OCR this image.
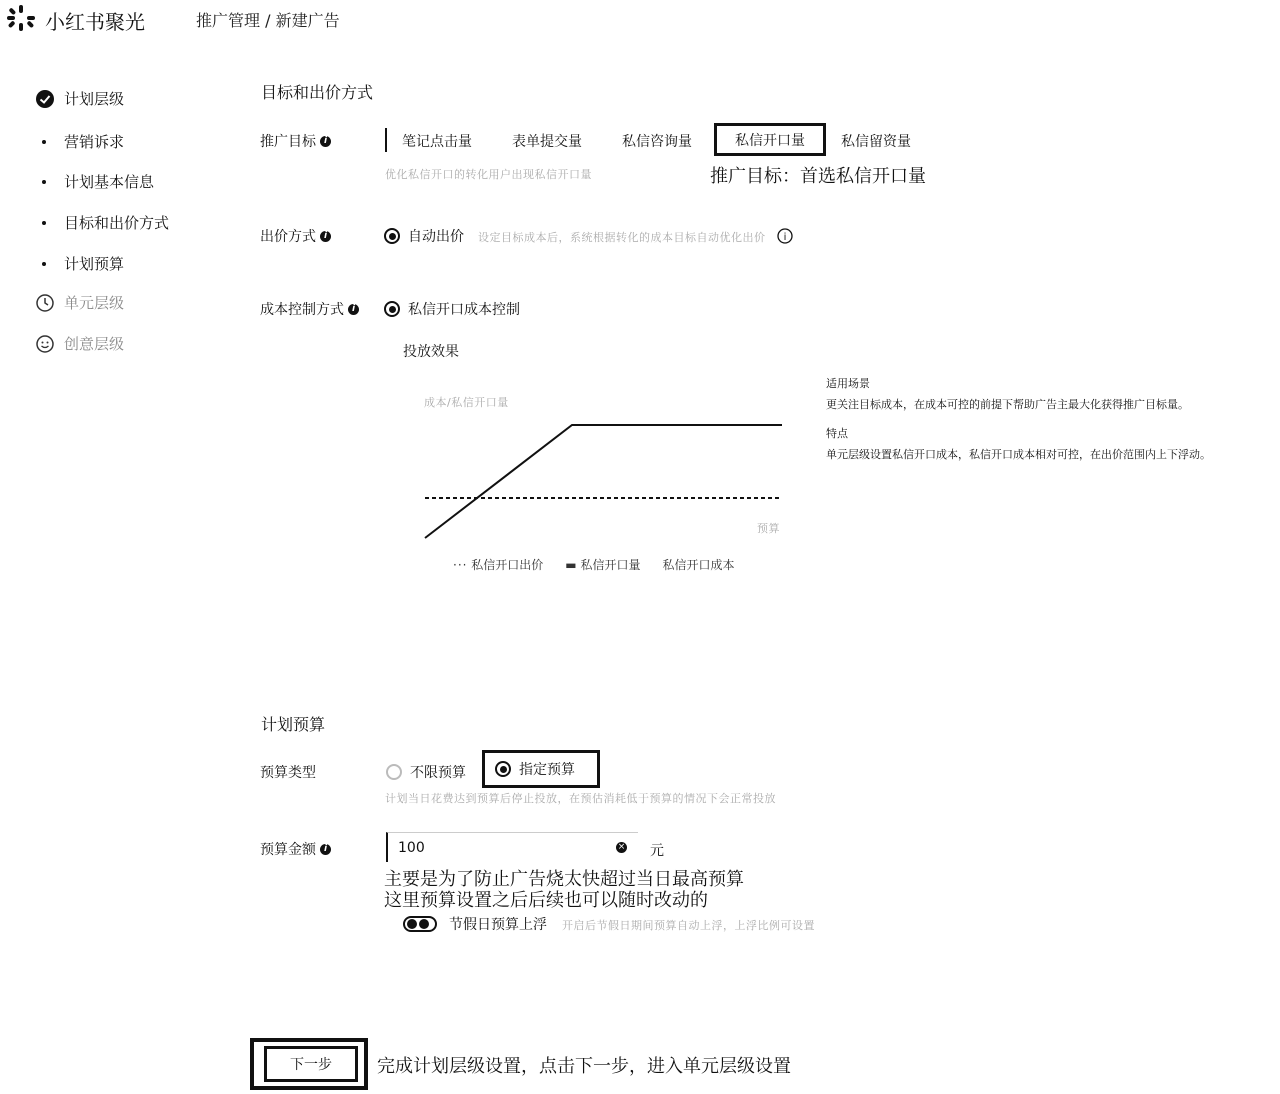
小红书聚光	推广管理 / 新建广告
计划层级
营销诉求
计划基本信息
目标和出价方式
计划预算
单元层级
创意层级
目标和出价方式
推广目标 i	笔记点击量	表单提交量	私信咨询量	私信开口量	私信留资量
优化私信开口的转化用户出现私信开口量	推广目标：首选私信开口量
出价方式 i	自动出价 设定目标成本后，系统根据转化的成本目标自动优化出价 i
成本控制方式 i	私信开口成本控制
投放效果
成本/私信开口量
预算
··· 私信开口出价 ▬ 私信开口量 私信开口成本
适用场景
更关注目标成本，在成本可控的前提下帮助广告主最大化获得推广目标量。
特点
单元层级设置私信开口成本，私信开口成本相对可控，在出价范围内上下浮动。
计划预算
预算类型	不限预算	指定预算
计划当日花费达到预算后停止投放，在预估消耗低于预算的情况下会正常投放
预算金额 i	100	× 元
主要是为了防止广告烧太快超过当日最高预算
这里预算设置之后后续也可以随时改动的
节假日预算上浮 开启后节假日期间预算自动上浮，上浮比例可设置
下一步	完成计划层级设置，点击下一步，进入单元层级设置
